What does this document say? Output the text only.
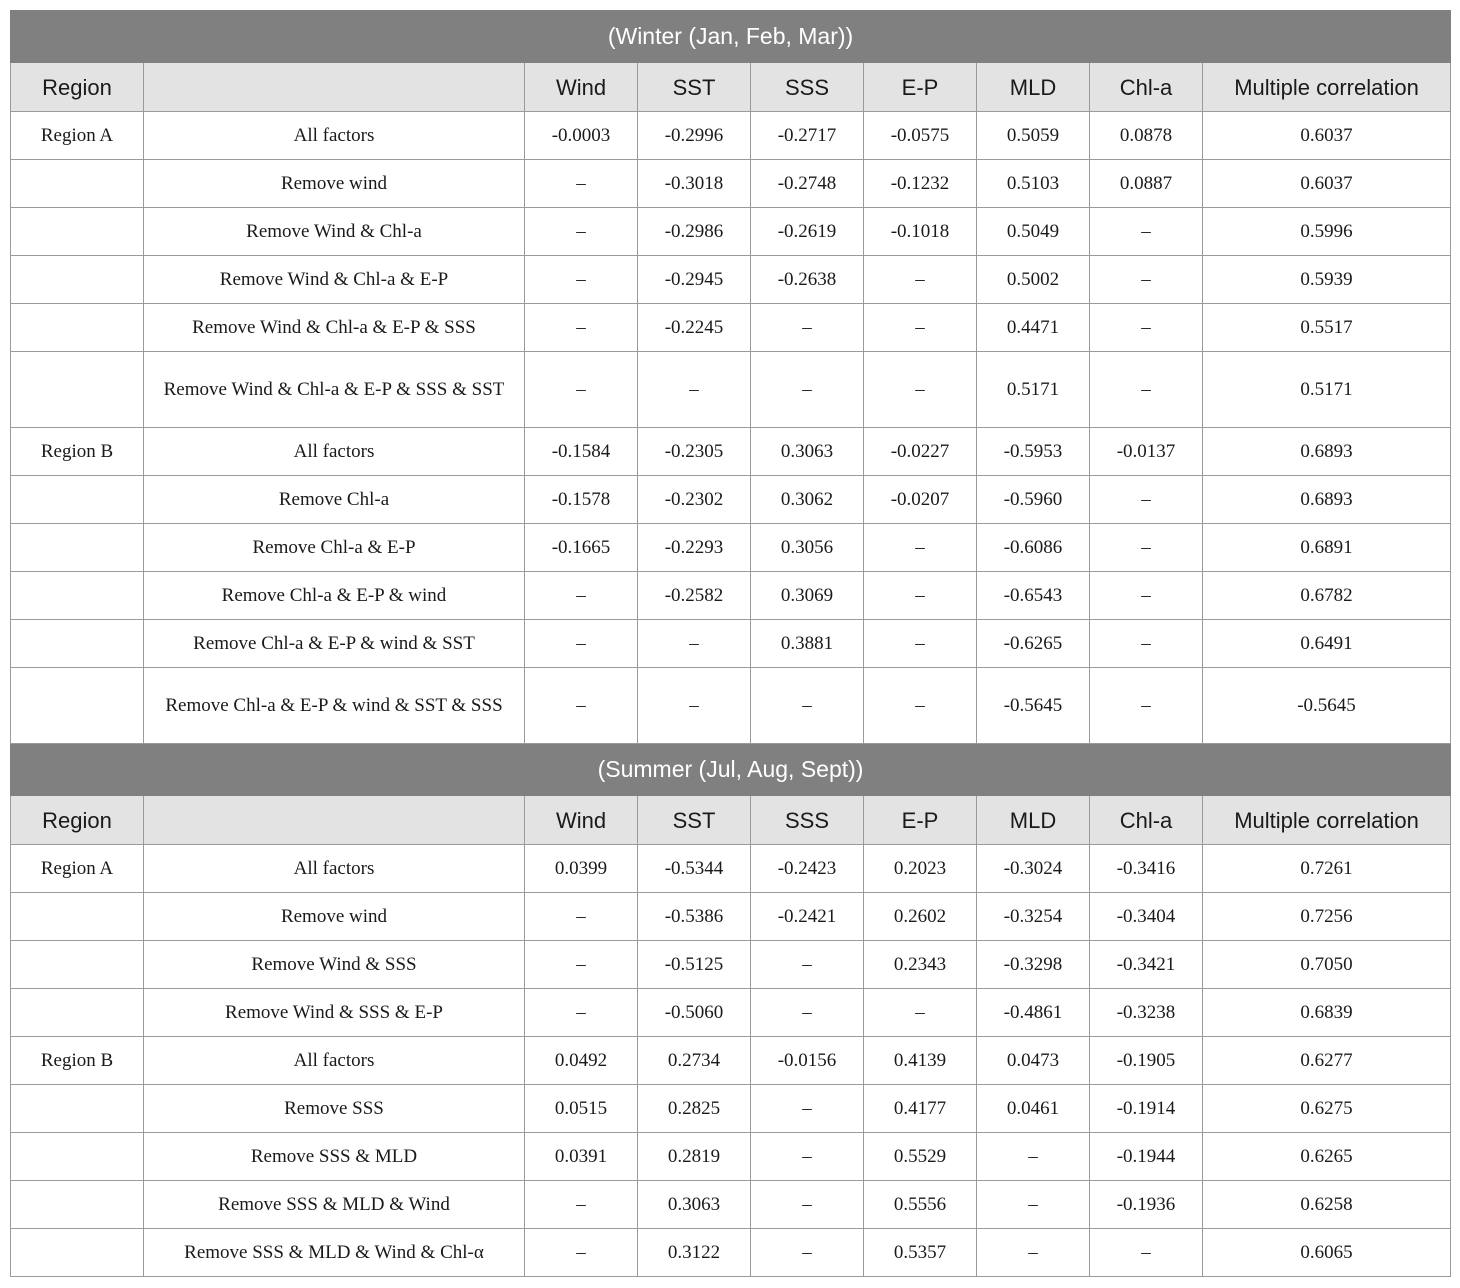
(Winter (Jan, Feb, Mar))								
Region		Wind	SST	SSS	E-P	MLD	Chl-a	Multiple correlation
Region A	All factors	-0.0003	-0.2996	-0.2717	-0.0575	0.5059	0.0878	0.6037
	Remove wind	–	-0.3018	-0.2748	-0.1232	0.5103	0.0887	0.6037
	Remove Wind & Chl-a	–	-0.2986	-0.2619	-0.1018	0.5049	–	0.5996
	Remove Wind & Chl-a & E-P	–	-0.2945	-0.2638	–	0.5002	–	0.5939
	Remove Wind & Chl-a & E-P & SSS	–	-0.2245	–	–	0.4471	–	0.5517
	Remove Wind & Chl-a & E-P & SSS & SST	–	–	–	–	0.5171	–	0.5171
Region B	All factors	-0.1584	-0.2305	0.3063	-0.0227	-0.5953	-0.0137	0.6893
	Remove Chl-a	-0.1578	-0.2302	0.3062	-0.0207	-0.5960	–	0.6893
	Remove Chl-a & E-P	-0.1665	-0.2293	0.3056	–	-0.6086	–	0.6891
	Remove Chl-a & E-P & wind	–	-0.2582	0.3069	–	-0.6543	–	0.6782
	Remove Chl-a & E-P & wind & SST	–	–	0.3881	–	-0.6265	–	0.6491
	Remove Chl-a & E-P & wind & SST & SSS	–	–	–	–	-0.5645	–	-0.5645
(Summer (Jul, Aug, Sept))								
Region		Wind	SST	SSS	E-P	MLD	Chl-a	Multiple correlation
Region A	All factors	0.0399	-0.5344	-0.2423	0.2023	-0.3024	-0.3416	0.7261
	Remove wind	–	-0.5386	-0.2421	0.2602	-0.3254	-0.3404	0.7256
	Remove Wind & SSS	–	-0.5125	–	0.2343	-0.3298	-0.3421	0.7050
	Remove Wind & SSS & E-P	–	-0.5060	–	–	-0.4861	-0.3238	0.6839
Region B	All factors	0.0492	0.2734	-0.0156	0.4139	0.0473	-0.1905	0.6277
	Remove SSS	0.0515	0.2825	–	0.4177	0.0461	-0.1914	0.6275
	Remove SSS & MLD	0.0391	0.2819	–	0.5529	–	-0.1944	0.6265
	Remove SSS & MLD & Wind	–	0.3063	–	0.5556	–	-0.1936	0.6258
	Remove SSS & MLD & Wind & Chl-α	–	0.3122	–	0.5357	–	–	0.6065
